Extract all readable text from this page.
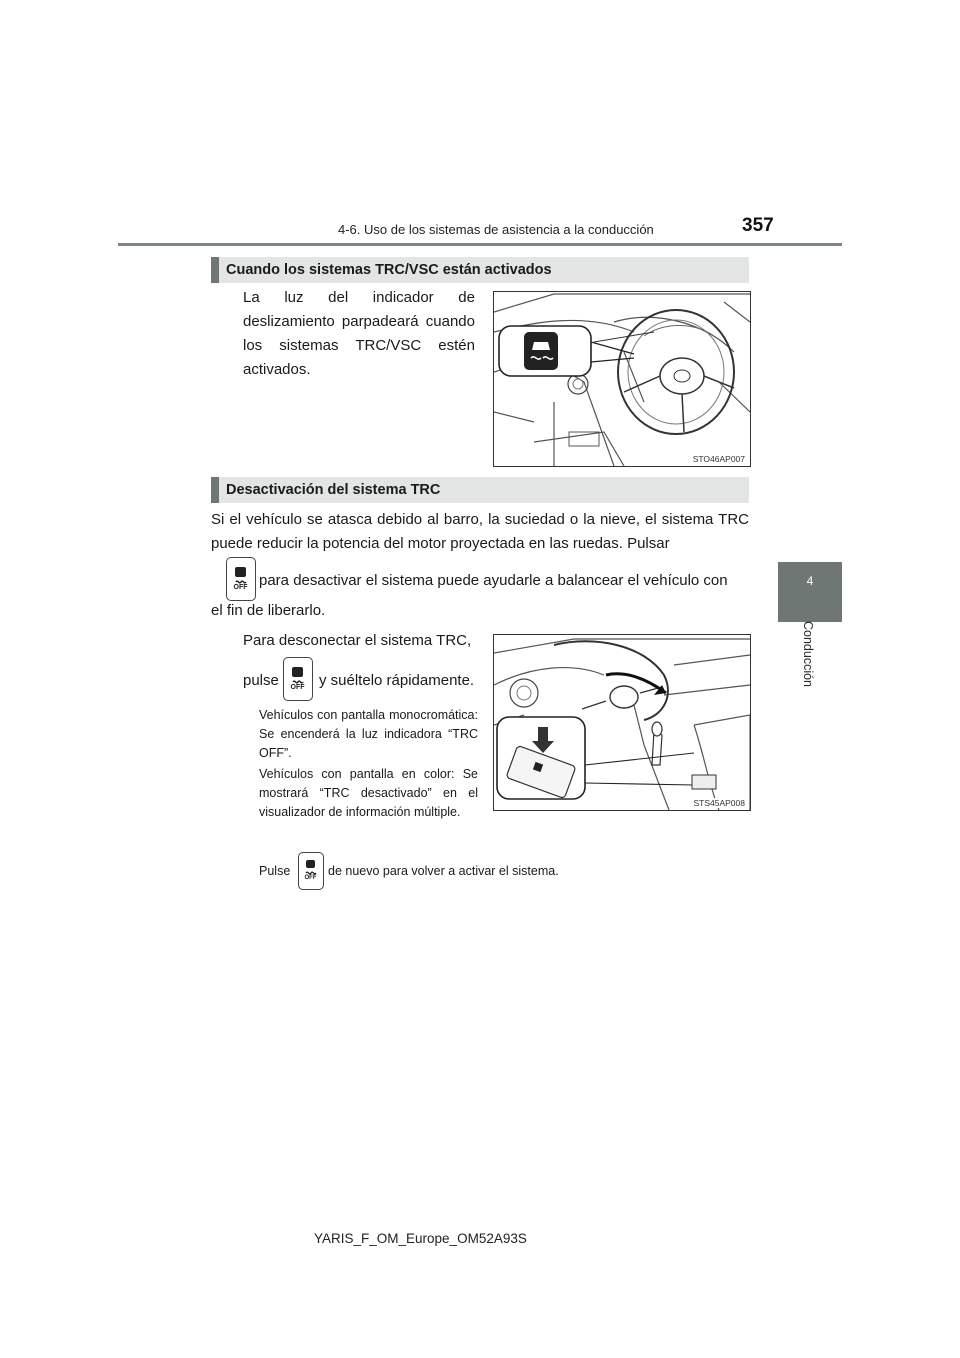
4-6. Uso de los sistemas de asistencia a la conducción	357
4
Conducción
Cuando los sistemas TRC/VSC están activados
La luz del indicador de deslizamiento parpadeará cuando los sistemas TRC/VSC estén activados.
STO46AP007
Desactivación del sistema TRC
Si el vehículo se atasca debido al barro, la suciedad o la nieve, el sistema TRC puede reducir la potencia del motor proyectada en las ruedas. Pulsar
OFF para desactivar el sistema puede ayudarle a balancear el vehículo con
el fin de liberarlo.
Para desconectar el sistema TRC,
pulse	OFF y suéltelo rápidamente.
Vehículos con pantalla monocromática: Se encenderá la luz indicadora “TRC OFF”.
Vehículos con pantalla en color: Se mostrará “TRC desactivado” en el visualizador de información múltiple.
STS45AP008
Pulse	OFF de nuevo para volver a activar el sistema.
YARIS_F_OM_Europe_OM52A93S
